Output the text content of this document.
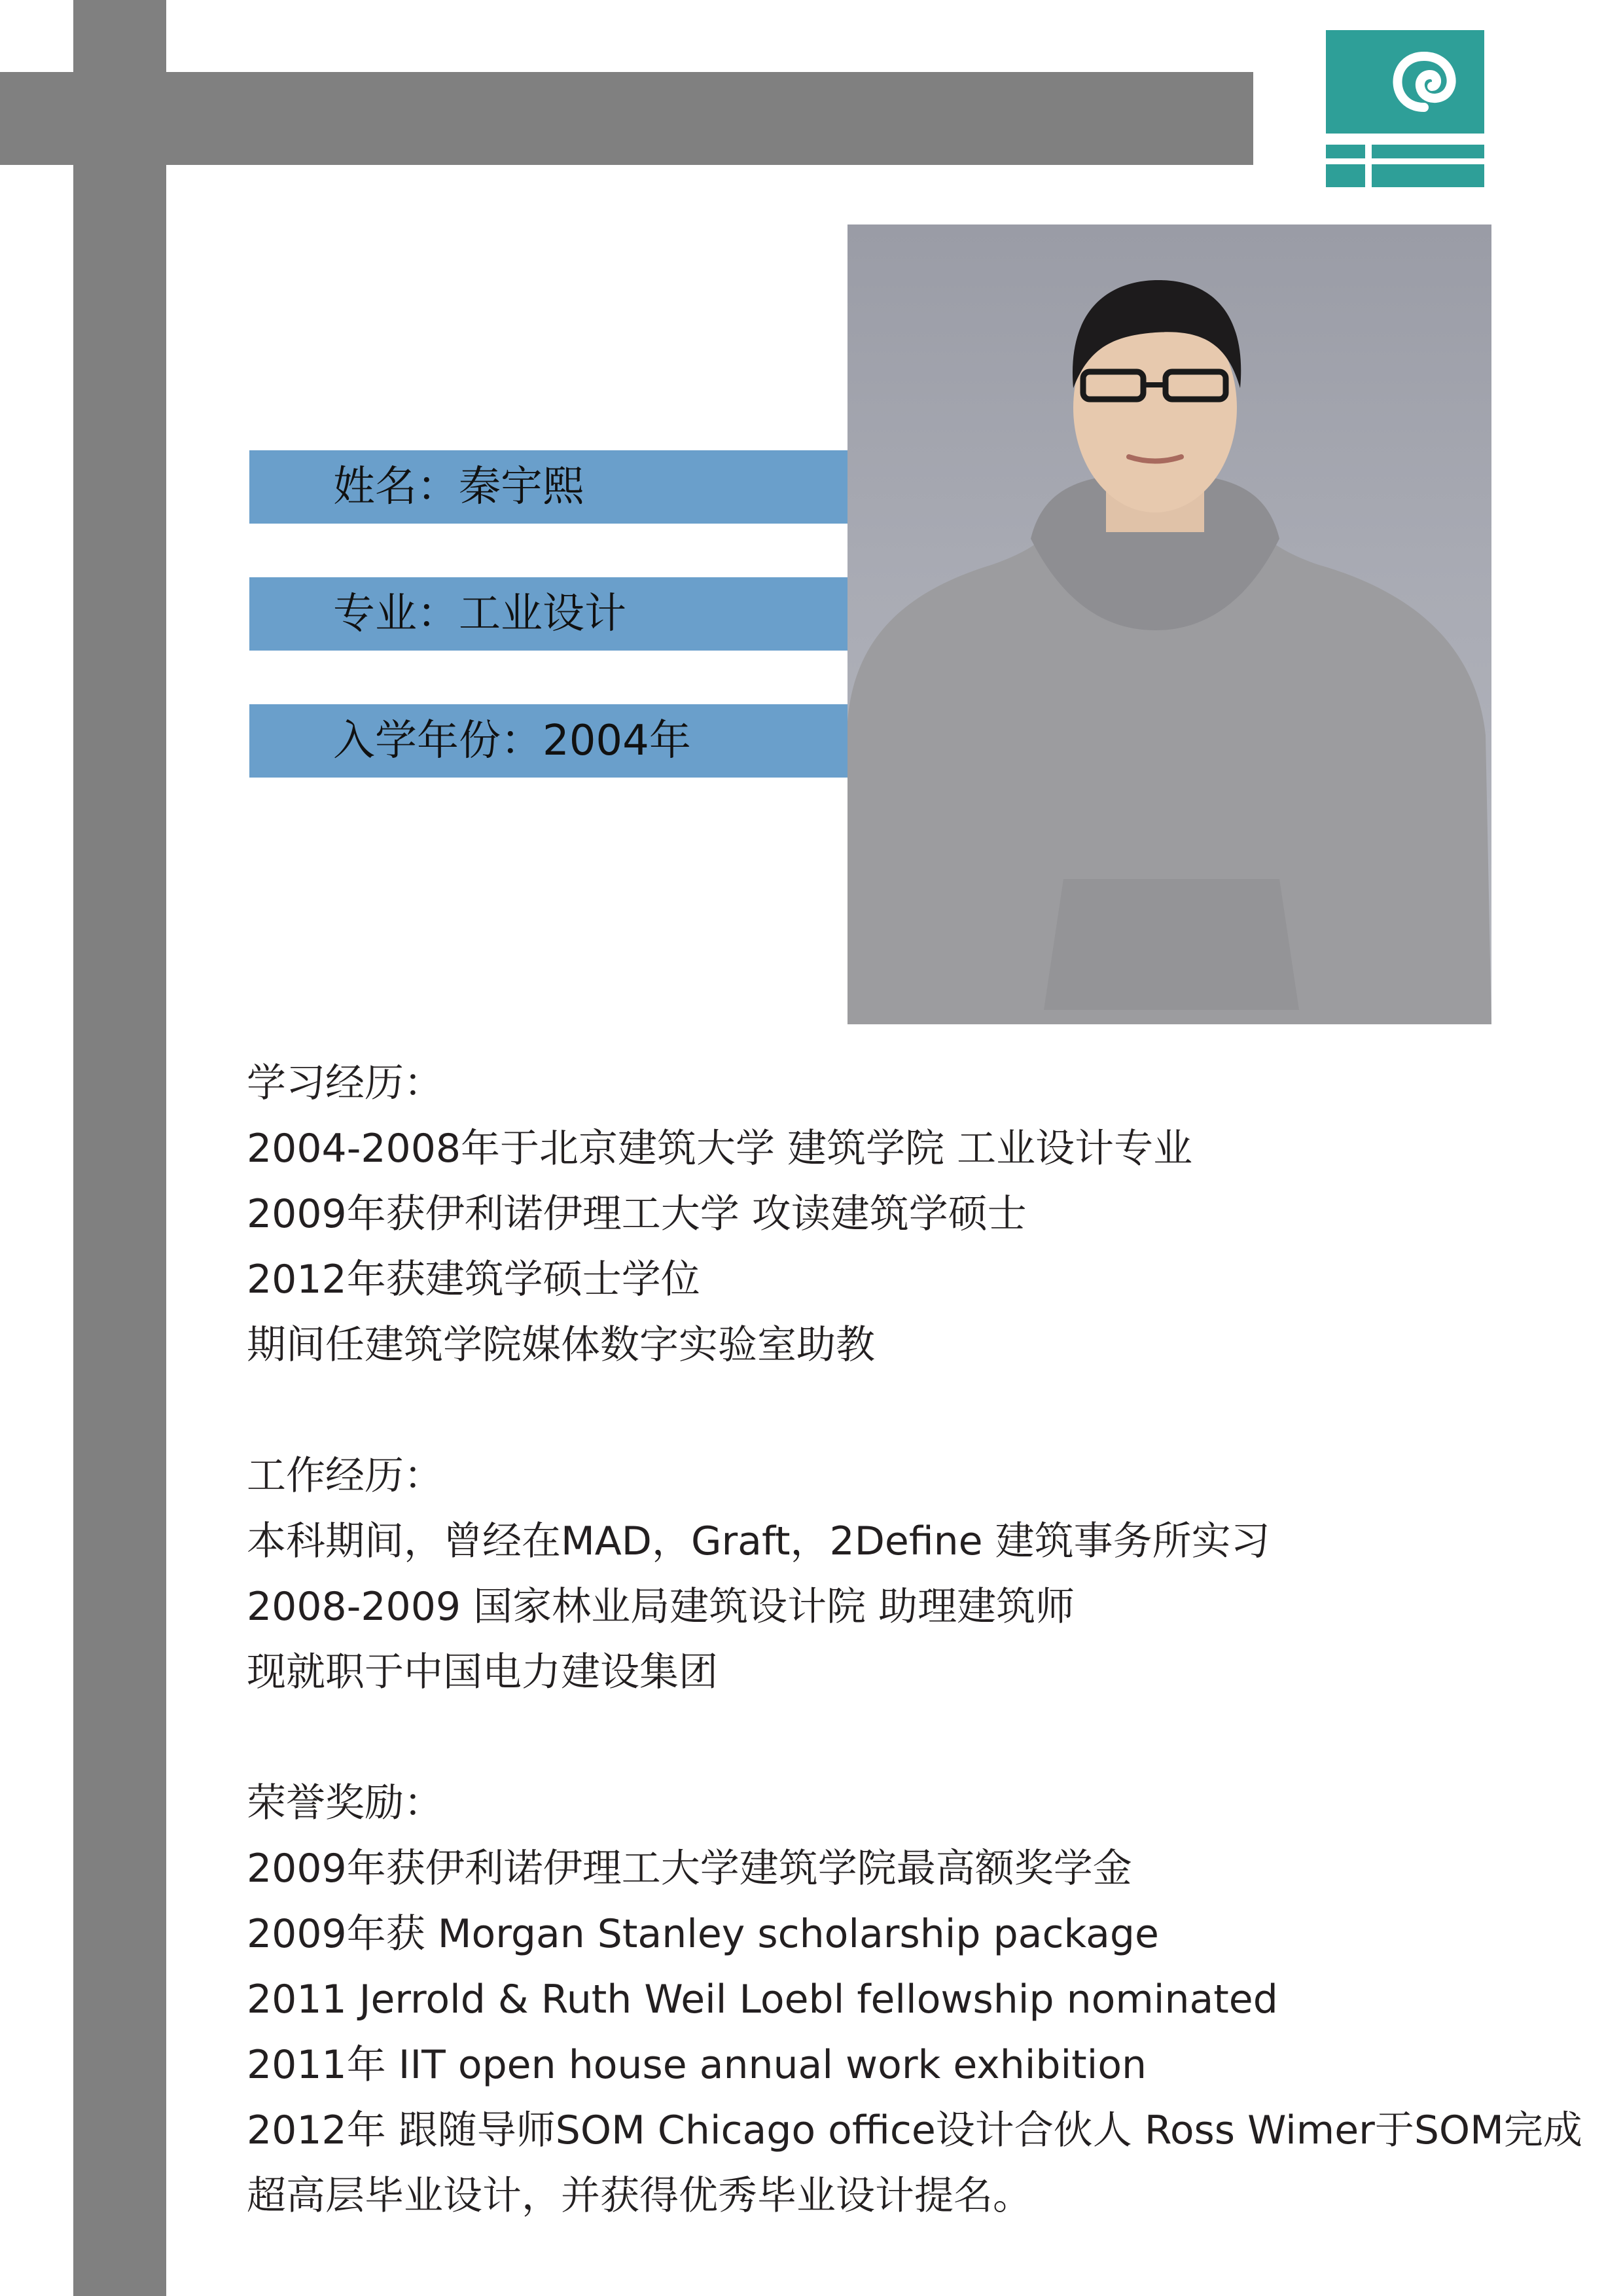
姓名：秦宇熙
专业：工业设计
入学年份：2004年
学习经历：
2004-2008年于北京建筑大学 建筑学院 工业设计专业
2009年获伊利诺伊理工大学 攻读建筑学硕士
2012年获建筑学硕士学位
期间任建筑学院媒体数字实验室助教
工作经历：
本科期间，曾经在MAD，Graft，2Define 建筑事务所实习
2008-2009 国家林业局建筑设计院 助理建筑师
现就职于中国电力建设集团
荣誉奖励：
2009年获伊利诺伊理工大学建筑学院最高额奖学金
2009年获 Morgan Stanley scholarship package
2011 Jerrold & Ruth Weil Loebl fellowship nominated
2011年 IIT open house annual work exhibition
2012年 跟随导师SOM Chicago office设计合伙人 Ross Wimer于SOM完成
超高层毕业设计，并获得优秀毕业设计提名。
